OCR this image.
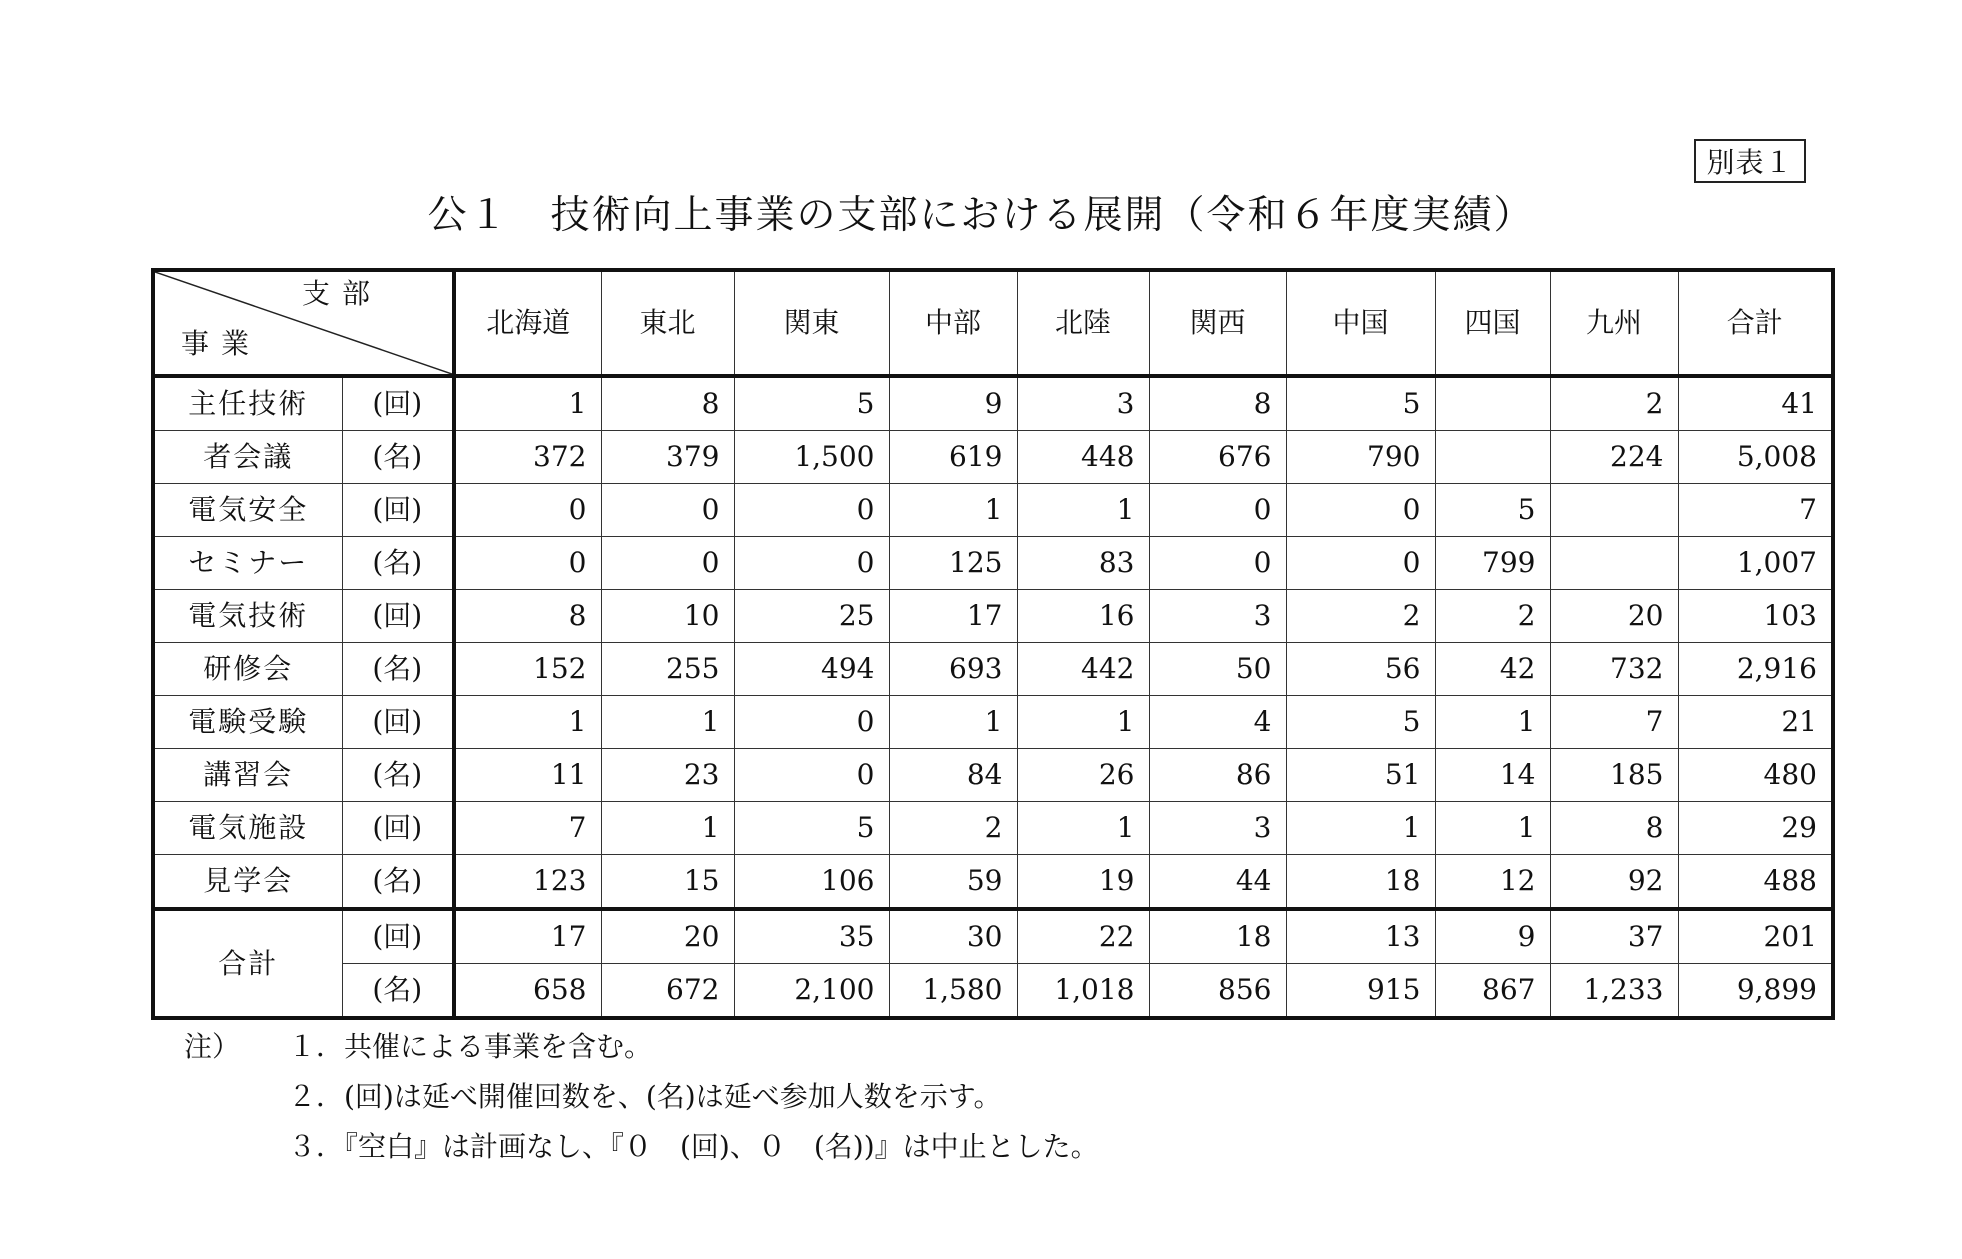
別表１
公１　技術向上事業の支部における展開（令和６年度実績）
支部
事業		北海道	東北	関東	中部	北陸	関西	中国	四国	九州	合計
主任技術	(回)	1	8	5	9	3	8	5		2	41
者会議	(名)	372	379	1,500	619	448	676	790		224	5,008
電気安全	(回)	0	0	0	1	1	0	0	5		7
セミナー	(名)	0	0	0	125	83	0	0	799		1,007
電気技術	(回)	8	10	25	17	16	3	2	2	20	103
研修会	(名)	152	255	494	693	442	50	56	42	732	2,916
電験受験	(回)	1	1	0	1	1	4	5	1	7	21
講習会	(名)	11	23	0	84	26	86	51	14	185	480
電気施設	(回)	7	1	5	2	1	3	1	1	8	29
見学会	(名)	123	15	106	59	19	44	18	12	92	488
合計	(回)	17	20	35	30	22	18	13	9	37	201
	(名)	658	672	2,100	1,580	1,018	856	915	867	1,233	9,899
注）	１．共催による事業を含む。
２．(回)は延べ開催回数を、(名)は延べ参加人数を示す。
３．『空白』は計画なし、『０　(回)、０　(名))』は中止とした。
